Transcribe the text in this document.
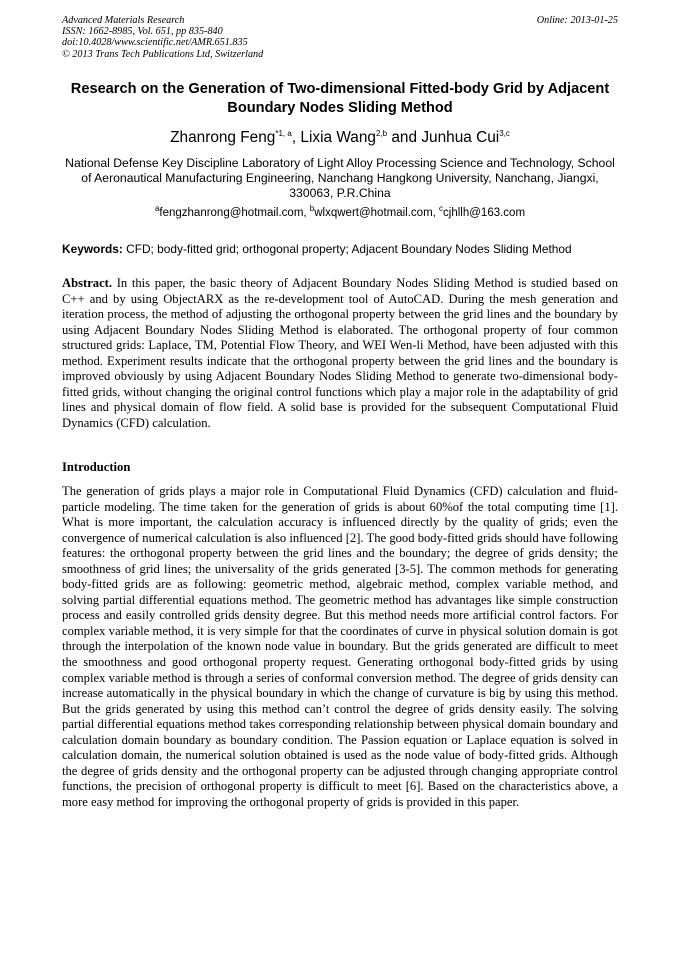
Advanced Materials Research
ISSN: 1662-8985, Vol. 651, pp 835-840
doi:10.4028/www.scientific.net/AMR.651.835
© 2013 Trans Tech Publications Ltd, Switzerland
Online: 2013-01-25
Research on the Generation of Two-dimensional Fitted-body Grid by Adjacent Boundary Nodes Sliding Method
Zhanrong Feng$^{*1, a}$, Lixia Wang$^{2,b}$ and Junhua Cui$^{3,c}$
National Defense Key Discipline Laboratory of Light Alloy Processing Science and Technology, School of Aeronautical Manufacturing Engineering, Nanchang Hangkong University, Nanchang, Jiangxi, 330063, P.R.China
$^a$fengzhanrong@hotmail.com, $^b$wlxqwert@hotmail.com, $^c$cjhllh@163.com
Keywords: CFD; body-fitted grid; orthogonal property; Adjacent Boundary Nodes Sliding Method

Abstract. In this paper, the basic theory of Adjacent Boundary Nodes Sliding Method is studied based on C++ and by using ObjectARX as the re-development tool of AutoCAD. During the mesh generation and iteration process, the method of adjusting the orthogonal property between the grid lines and the boundary by using Adjacent Boundary Nodes Sliding Method is elaborated. The orthogonal property of four common structured grids: Laplace, TM, Potential Flow Theory, and WEI Wen-li Method, have been adjusted with this method. Experiment results indicate that the orthogonal property between the grid lines and the boundary is improved obviously by using Adjacent Boundary Nodes Sliding Method to generate two-dimensional body-fitted grids, without changing the original control functions which play a major role in the adaptability of grid lines and physical domain of flow field. A solid base is provided for the subsequent Computational Fluid Dynamics (CFD) calculation.

Introduction

The generation of grids plays a major role in Computational Fluid Dynamics (CFD) calculation and fluid-particle modeling. The time taken for the generation of grids is about 60%of the total computing time [1]. What is more important, the calculation accuracy is influenced directly by the quality of grids; even the convergence of numerical calculation is also influenced [2]. The good body-fitted grids should have following features: the orthogonal property between the grid lines and the boundary; the degree of grids density; the smoothness of grid lines; the universality of the grids generated [3-5]. The common methods for generating body-fitted grids are as following: geometric method, algebraic method, complex variable method, and solving partial differential equations method. The geometric method has advantages like simple construction process and easily controlled grids density degree. But this method needs more artificial control factors. For complex variable method, it is very simple for that the coordinates of curve in physical solution domain is got through the interpolation of the known node value in boundary. But the grids generated are difficult to meet the smoothness and good orthogonal property request. Generating orthogonal body-fitted grids by using complex variable method is through a series of conformal conversion method. The degree of grids density can increase automatically in the physical boundary in which the change of curvature is big by using this method. But the grids generated by using this method can’t control the degree of grids density easily. The solving partial differential equations method takes corresponding relationship between physical domain boundary and calculation domain boundary as boundary condition. The Passion equation or Laplace equation is solved in calculation domain, the numerical solution obtained is used as the node value of body-fitted grids. Although the degree of grids density and the orthogonal property can be adjusted through changing appropriate control functions, the precision of orthogonal property is difficult to meet [6]. Based on the characteristics above, a more easy method for improving the orthogonal property of grids is provided in this paper.
